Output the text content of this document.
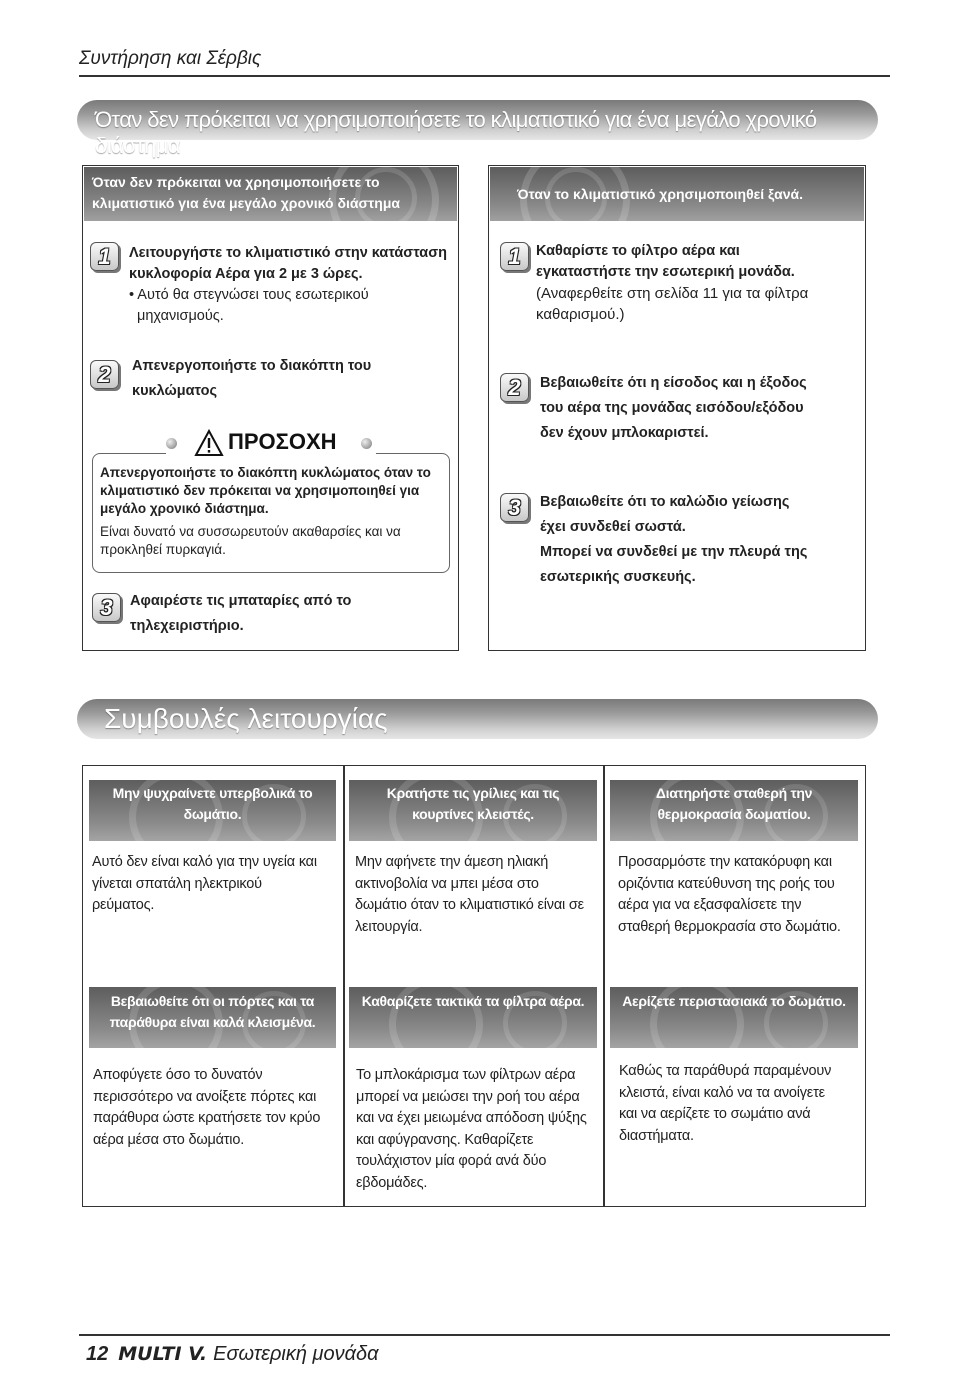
Συντήρηση και Σέρβις
Όταν δεν πρόκειται να χρησιμοποιήσετε το κλιματιστικό για ένα μεγάλο χρονικό διάστημα
Όταν δεν πρόκειται να χρησιμοποιήσετε το
κλιματιστικό για ένα μεγάλο χρονικό διάστημα
1	Λειτουργήστε το κλιματιστικό στην κατάσταση
κυκλοφορία Αέρα για 2 με 3 ώρες.
• Αυτό θα στεγνώσει τους εσωτερικού
μηχανισμούς.
2	Απενεργοποιήστε το διακόπτη του
κυκλώματος
ΠΡΟΣΟΧΗ
Απενεργοποιήστε το διακόπτη κυκλώματος όταν το
κλιματιστικό δεν πρόκειται να χρησιμοποιηθεί για
μεγάλο χρονικό διάστημα.
Είναι δυνατό να συσσωρευτούν ακαθαρσίες και να
προκληθεί πυρκαγιά.
3	Αφαιρέστε τις μπαταρίες από το
τηλεχειριστήριο.
Όταν το κλιματιστικό χρησιμοποιηθεί ξανά.
1	Καθαρίστε το φίλτρο αέρα και
εγκαταστήστε την εσωτερική μονάδα.
(Αναφερθείτε στη σελίδα 11 για τα φίλτρα
καθαρισμού.)
2	Βεβαιωθείτε ότι η είσοδος και η έξοδος
του αέρα της μονάδας εισόδου/εξόδου
δεν έχουν μπλοκαριστεί.
3	Βεβαιωθείτε ότι το καλώδιο γείωσης
έχει συνδεθεί σωστά.
Μπορεί να συνδεθεί με την πλευρά της
εσωτερικής συσκευής.
Συμβουλές λειτουργίας
Μην ψυχραίνετε υπερβολικά το
δωμάτιο.
Κρατήστε τις γρίλιες και τις
κουρτίνες κλειστές.
Διατηρήστε σταθερή την
θερμοκρασία δωματίου.
Αυτό δεν είναι καλό για την υγεία και
γίνεται σπατάλη ηλεκτρικού
ρεύματος.
Μην αφήνετε την άμεση ηλιακή
ακτινοβολία να μπει μέσα στο
δωμάτιο όταν το κλιματιστικό είναι σε
λειτουργία.
Προσαρμόστε την κατακόρυφη και
οριζόντια κατεύθυνση της ροής του
αέρα για να εξασφαλίσετε την
σταθερή θερμοκρασία στο δωμάτιο.
Βεβαιωθείτε ότι οι πόρτες και τα
παράθυρα είναι καλά κλεισμένα.
Καθαρίζετε τακτικά τα φίλτρα αέρα.	Αερίζετε περιστασιακά το δωμάτιο.
Αποφύγετε όσο το δυνατόν
περισσότερο να ανοίξετε πόρτες και
παράθυρα ώστε κρατήσετε τον κρύο
αέρα μέσα στο δωμάτιο.
Το μπλοκάρισμα των φίλτρων αέρα
μπορεί να μειώσει την ροή του αέρα
και να έχει μειωμένα απόδοση ψύξης
και αφύγρανσης. Καθαρίζετε
τουλάχιστον μία φορά ανά δύο
εβδομάδες.
Καθώς τα παράθυρά παραμένουν
κλειστά, είναι καλό να τα ανοίγετε
και να αερίζετε το σωμάτιο ανά
διαστήματα.
12 MULTI V. Εσωτερική μονάδα
